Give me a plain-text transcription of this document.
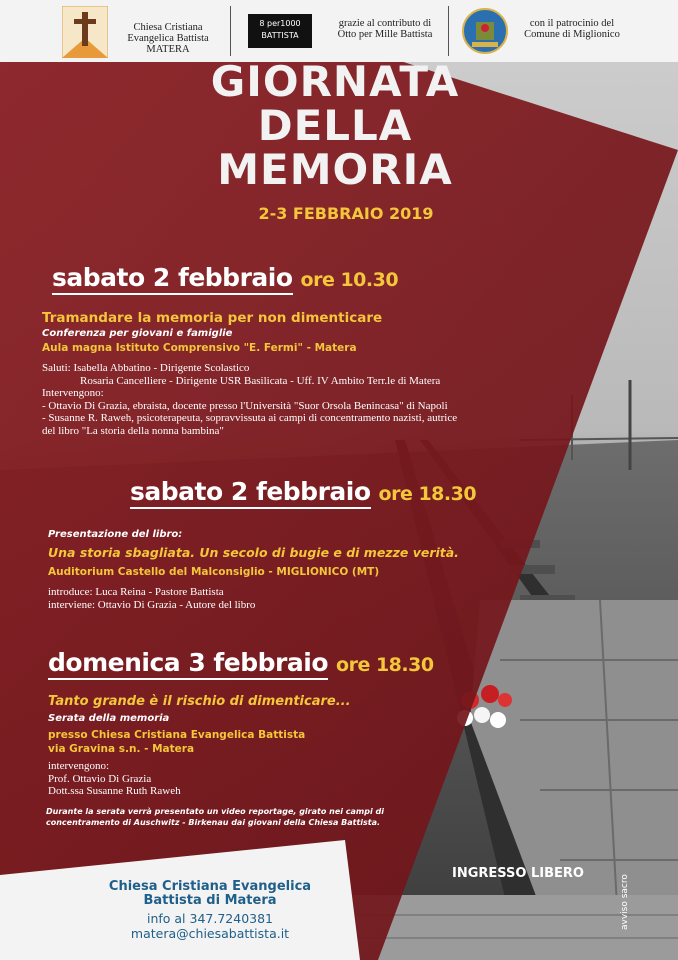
Chiesa Cristiana
Evangelica Battista
MATERA
8 per1000 BATTISTA
grazie al contributo di
Otto per Mille Battista
con il patrocinio del
Comune di Miglionico
GIORNATA
DELLA
MEMORIA
2-3 FEBBRAIO 2019
sabato 2 febbraio ore 10.30
Tramandare la memoria per non dimenticare
Conferenza per giovani e famiglie
Aula magna Istituto Comprensivo "E. Fermi" - Matera
Saluti: Isabella Abbatino - Dirigente Scolastico
Rosaria Cancelliere - Dirigente USR Basilicata - Uff. IV Ambito Terr.le di Matera
Intervengono:
- Ottavio Di Grazia, ebraista, docente presso l'Università "Suor Orsola Benincasa" di Napoli
- Susanne R. Raweh, psicoterapeuta, sopravvissuta ai campi di concentramento nazisti, autrice
del libro "La storia della nonna bambina"
sabato 2 febbraio ore 18.30
Presentazione del libro:
Una storia sbagliata. Un secolo di bugie e di mezze verità.
Auditorium Castello del Malconsiglio - MIGLIONICO (MT)
introduce: Luca Reina - Pastore Battista
interviene: Ottavio Di Grazia - Autore del libro
domenica 3 febbraio ore 18.30
Tanto grande è il rischio di dimenticare...
Serata della memoria
presso Chiesa Cristiana Evangelica Battista
via Gravina s.n. - Matera
intervengono:
Prof. Ottavio Di Grazia
Dott.ssa Susanne Ruth Raweh
Durante la serata verrà presentato un video reportage, girato nei campi di
concentramento di Auschwitz - Birkenau dai giovani della Chiesa Battista.
INGRESSO LIBERO
avviso sacro
Chiesa Cristiana Evangelica
Battista di Matera
info al 347.7240381
matera@chiesabattista.it
